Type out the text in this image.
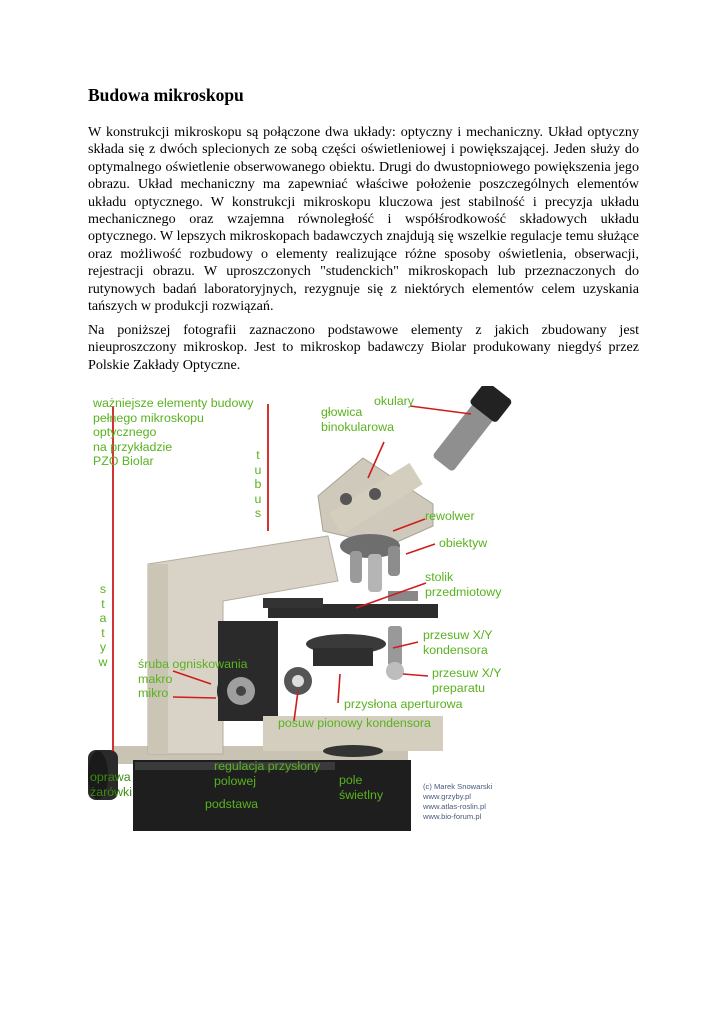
Budowa mikroskopu

W konstrukcji mikroskopu są połączone dwa układy: optyczny i mechaniczny. Układ optyczny składa się z dwóch splecionych ze sobą części oświetleniowej i powiększającej. Jeden służy do optymalnego oświetlenie obserwowanego obiektu. Drugi do dwustopniowego powiększenia jego obrazu. Układ mechaniczny ma zapewniać właściwe położenie poszczególnych elementów układu optycznego. W konstrukcji mikroskopu kluczowa jest stabilność i precyzja układu mechanicznego oraz wzajemna równoległość i współśrodkowość składowych układu optycznego. W lepszych mikroskopach badawczych znajdują się wszelkie regulacje temu służące oraz możliwość rozbudowy o elementy realizujące różne sposoby oświetlenia, obserwacji, rejestracji obrazu. W uproszczonych "studenckich" mikroskopach lub przeznaczonych do rutynowych badań laboratoryjnych, rezygnuje się z niektórych elementów celem uzyskania tańszych w produkcji rozwiązań.

Na poniższej fotografii zaznaczono podstawowe elementy z jakich zbudowany jest nieuproszczony mikroskop. Jest to mikroskop badawczy Biolar produkowany niegdyś przez Polskie Zakłady Optyczne.

ważniejsze elementy budowy
pełnego mikroskopu
optycznego
na przykładzie
PZO Biolar	t
u
b
u
s
s
t
a
t
y
w
okulary
głowica
binokularowa
rewolwer
obiektyw
stolik
przedmiotowy
przesuw X/Y
kondensora
przesuw X/Y
preparatu
śruba ogniskowania
makro
mikro
przysłona aperturowa
posuw pionowy kondensora
regulacja przysłony
polowej
oprawa
żarówki
pole
świetlny
podstawa
(c) Marek Snowarski
www.grzyby.pl
www.atlas-roslin.pl
www.bio-forum.pl
